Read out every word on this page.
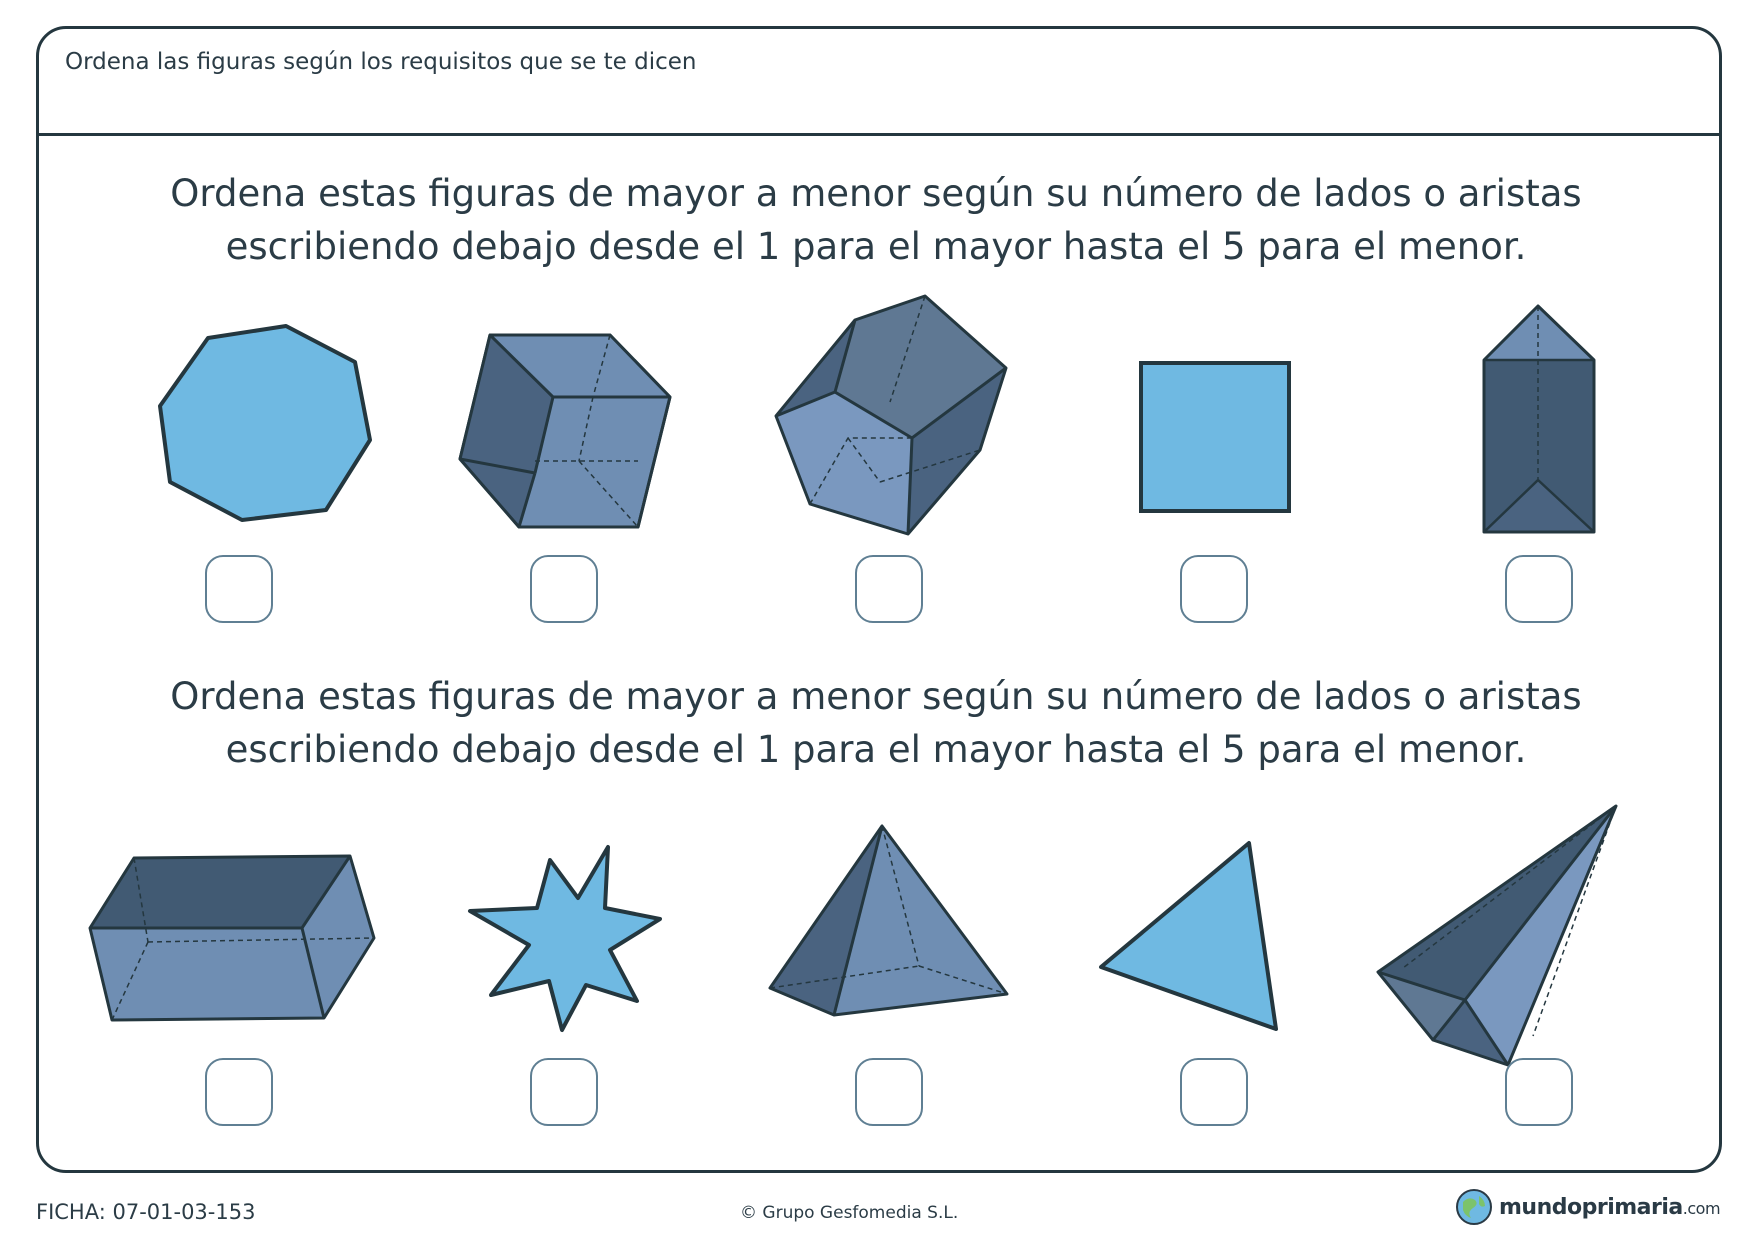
Ordena las figuras según los requisitos que se te dicen
Ordena estas figuras de mayor a menor según su número de lados o aristas
escribiendo debajo desde el 1 para el mayor hasta el 5 para el menor.
Ordena estas figuras de mayor a menor según su número de lados o aristas
escribiendo debajo desde el 1 para el mayor hasta el 5 para el menor.
FICHA: 07-01-03-153	© Grupo Gesfomedia S.L.	mundoprimaria.com
